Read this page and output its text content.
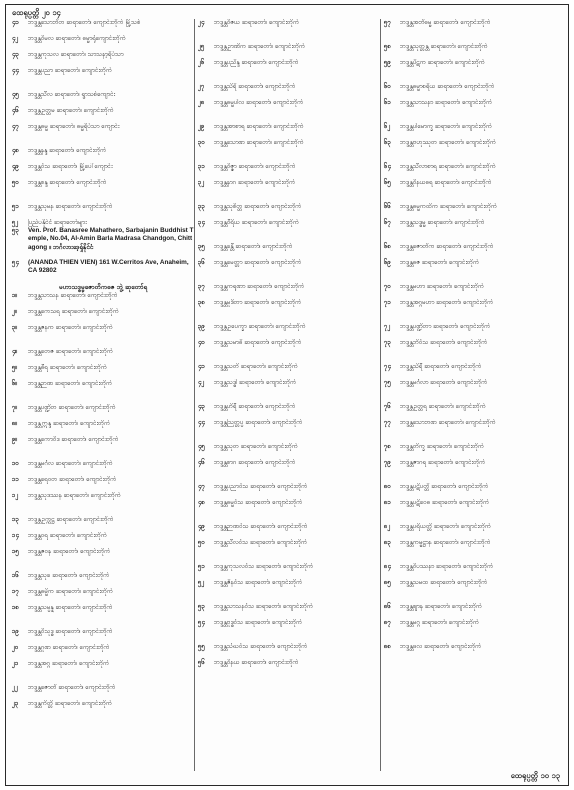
ထေရုပ္ပတ္တိ ၂၀ ၁၄
၄၁	ဘဒ္ဒန္တသောဘိတ ဆရာတော်၊ ကျောင်းတိုက် မြို့သစ်
၄၂	ဘဒ္ဒန္တဝိမလ ဆရာတော်၊ ဓမ္မာရုံကျောင်းတိုက်
၄၃	ဘဒ္ဒန္တကုသလ ဆရာတော်၊ သာသနာ့ရိပ်သာ
၄၄	ဘဒ္ဒန္တပညာ ဆရာတော်၊ ကျောင်းတိုက်
၄၅	ဘဒ္ဒန္တသီလ ဆရာတော်၊ ရွာသစ်ကျောင်း
၄၆	ဘဒ္ဒန္တဥတ္တမ ဆရာတော်၊ ကျောင်းတိုက်
၄၇	ဘဒ္ဒန္တဓမ္မ ဆရာတော်၊ ဓမ္မရိပ်သာ ကျောင်း
၄၈	ဘဒ္ဒန္တနန္ဒ ဆရာတော်၊ ကျောင်းတိုက်
၄၉	ဘဒ္ဒန္တဝံသ ဆရာတော်၊ မြို့ပေါ်ကျောင်း
၅၀	ဘဒ္ဒန္တစန္ဒ ဆရာတော်၊ ကျောင်းတိုက်
၅၁	ဘဒ္ဒန္တသုမန ဆရာတော်၊ ကျောင်းတိုက်
၅၂	ပြည်ပနိုင်ငံ ဆရာတော်များ
၅၃	Ven. Prof. Banasree Mahathero, Sarbajanin Buddhist Temple, No.04, Al-Amin Barla Madrasa Chandgon, Chittagong ။ ဘင်္ဂလားဒေ့ရှ်နိုင်ငံ
၅၄	(ANANDA THIEN VIEN) 161 W.Cerritos Ave, Anaheim, CA 92802
မဟာသဒ္ဓမ္မဇောတိကဓဇ ဘွဲ့ ဆုတော်ရ
၁။	ဘဒ္ဒန္တသာသန ဆရာတော်၊ ကျောင်းတိုက်
၂။	ဘဒ္ဒန္တကေသရ ဆရာတော်၊ ကျောင်းတိုက်
၃။	ဘဒ္ဒန္တဇနက ဆရာတော်၊ ကျောင်းတိုက်
၄။	ဘဒ္ဒန္တတေဇ ဆရာတော်၊ ကျောင်းတိုက်
၅။	ဘဒ္ဒန္တဓီရ ဆရာတော်၊ ကျောင်းတိုက်
၆။	ဘဒ္ဒန္တဉာဏ ဆရာတော်၊ ကျောင်းတိုက်
၇။	ဘဒ္ဒန္တပဏ္ဍိတ ဆရာတော်၊ ကျောင်းတိုက်
၈။	ဘဒ္ဒန္တဣန္ဒ ဆရာတော်၊ ကျောင်းတိုက်
၉။	ဘဒ္ဒန္တကောဝိဒ ဆရာတော်၊ ကျောင်းတိုက်
၁၀	ဘဒ္ဒန္တမင်္ဂလ ဆရာတော်၊ ကျောင်းတိုက်
၁၁	ဘဒ္ဒန္တရေဝတ ဆရာတော်၊ ကျောင်းတိုက်
၁၂	ဘဒ္ဒန္တသုဒဿန ဆရာတော်၊ ကျောင်းတိုက်
၁၃	ဘဒ္ဒန္တဥက္ကဋ္ဌ ဆရာတော်၊ ကျောင်းတိုက်
၁၄	ဘဒ္ဒန္တဝရ ဆရာတော်၊ ကျောင်းတိုက်
၁၅	ဘဒ္ဒန္တဇဝန ဆရာတော်၊ ကျောင်းတိုက်
၁၆	ဘဒ္ဒန္တသုခ ဆရာတော်၊ ကျောင်းတိုက်
၁၇	ဘဒ္ဒန္တဓမ္မိက ဆရာတော်၊ ကျောင်းတိုက်
၁၈	ဘဒ္ဒန္တသမ္ပန္န ဆရာတော်၊ ကျောင်းတိုက်
၁၉	ဘဒ္ဒန္တဝိသုဒ္ဓ ဆရာတော်၊ ကျောင်းတိုက်
၂၀	ဘဒ္ဒန္တဂုဏ ဆရာတော်၊ ကျောင်းတိုက်
၂၁	ဘဒ္ဒန္တအဂ္ဂ ဆရာတော်၊ ကျောင်းတိုက်
၂၂	ဘဒ္ဒန္တဇောတိ ဆရာတော်၊ ကျောင်းတိုက်
၂၃	ဘဒ္ဒန္တကိတ္တိ ဆရာတော်၊ ကျောင်းတိုက်
၂၄	ဘဒ္ဒန္တဝိဇယ ဆရာတော်၊ ကျောင်းတိုက်
၂၅	ဘဒ္ဒန္တဥာဏိက ဆရာတော်၊ ကျောင်းတိုက်
၂၆	ဘဒ္ဒန္တပညိန္ဒ ဆရာတော်၊ ကျောင်းတိုက်
၂၇	ဘဒ္ဒန္တသိရိ ဆရာတော်၊ ကျောင်းတိုက်
၂၈	ဘဒ္ဒန္တဓမ္မပါလ ဆရာတော်၊ ကျောင်းတိုက်
၂၉	ဘဒ္ဒန္တအာစာရ ဆရာတော်၊ ကျောင်းတိုက်
၃၀	ဘဒ္ဒန္တသောဏ ဆရာတော်၊ ကျောင်းတိုက်
၃၁	ဘဒ္ဒန္တဝိဇ္ဇာ ဆရာတော်၊ ကျောင်းတိုက်
၃၂	ဘဒ္ဒန္တနာဂ ဆရာတော်၊ ကျောင်းတိုက်
၃၃	ဘဒ္ဒန္တသုစိတ္တ ဆရာတော်၊ ကျောင်းတိုက်
၃၄	ဘဒ္ဒန္တဝီရိယ ဆရာတော်၊ ကျောင်းတိုက်
၃၅	ဘဒ္ဒန္တခန္တီ ဆရာတော်၊ ကျောင်းတိုက်
၃၆	ဘဒ္ဒန္တမေတ္တာ ဆရာတော်၊ ကျောင်းတိုက်
၃၇	ဘဒ္ဒန္တကရုဏာ ဆရာတော်၊ ကျောင်းတိုက်
၃၈	ဘဒ္ဒန္တမုဒိတာ ဆရာတော်၊ ကျောင်းတိုက်
၃၉	ဘဒ္ဒန္တဥပေက္ခာ ဆရာတော်၊ ကျောင်းတိုက်
၄၀	ဘဒ္ဒန္တသမာဓိ ဆရာတော်၊ ကျောင်းတိုက်
၄၁	ဘဒ္ဒန္တသတိ ဆရာတော်၊ ကျောင်းတိုက်
၄၂	ဘဒ္ဒန္တသဒ္ဓါ ဆရာတော်၊ ကျောင်းတိုက်
၄၃	ဘဒ္ဒန္တဟိရီ ဆရာတော်၊ ကျောင်းတိုက်
၄၄	ဘဒ္ဒန္တဩတ္တပ္ပ ဆရာတော်၊ ကျောင်းတိုက်
၄၅	ဘဒ္ဒန္တသုတ ဆရာတော်၊ ကျောင်းတိုက်
၄၆	ဘဒ္ဒန္တစာဂ ဆရာတော်၊ ကျောင်းတိုက်
၄၇	ဘဒ္ဒန္တပညာဝံသ ဆရာတော်၊ ကျောင်းတိုက်
၄၈	ဘဒ္ဒန္တဓမ္မဝံသ ဆရာတော်၊ ကျောင်းတိုက်
၄၉	ဘဒ္ဒန္တဉာဏဝံသ ဆရာတော်၊ ကျောင်းတိုက်
၅၀	ဘဒ္ဒန္တသီလဝံသ ဆရာတော်၊ ကျောင်းတိုက်
၅၁	ဘဒ္ဒန္တကုသလဝံသ ဆရာတော်၊ ကျောင်းတိုက်
၅၂	ဘဒ္ဒန္တဇိနဝံသ ဆရာတော်၊ ကျောင်းတိုက်
၅၃	ဘဒ္ဒန္တသာသနဝံသ ဆရာတော်၊ ကျောင်းတိုက်
၅၄	ဘဒ္ဒန္တဗုဒ္ဓဝံသ ဆရာတော်၊ ကျောင်းတိုက်
၅၅	ဘဒ္ဒန္တသံဃဝံသ ဆရာတော်၊ ကျောင်းတိုက်
၅၆	ဘဒ္ဒန္တဝိနယ ဆရာတော်၊ ကျောင်းတိုက်
၅၇	ဘဒ္ဒန္တအဘိဓမ္မ ဆရာတော်၊ ကျောင်းတိုက်
၅၈	ဘဒ္ဒန္တသုတ္တန္တ ဆရာတော်၊ ကျောင်းတိုက်
၅၉	ဘဒ္ဒန္တပိဋက ဆရာတော်၊ ကျောင်းတိုက်
၆၀	ဘဒ္ဒန္တဓမ္မာစရိယ ဆရာတော်၊ ကျောင်းတိုက်
၆၁	ဘဒ္ဒန္တသာသနာ ဆရာတော်၊ ကျောင်းတိုက်
၆၂	ဘဒ္ဒန္တပါမောက္ခ ဆရာတော်၊ ကျောင်းတိုက်
၆၃	ဘဒ္ဒန္တဗဟုဿုတ ဆရာတော်၊ ကျောင်းတိုက်
၆၄	ဘဒ္ဒန္တသီလာစာရ ဆရာတော်၊ ကျောင်းတိုက်
၆၅	ဘဒ္ဒန္တဝိနယဓရ ဆရာတော်၊ ကျောင်းတိုက်
၆၆	ဘဒ္ဒန္တဓမ္မကထိက ဆရာတော်၊ ကျောင်းတိုက်
၆၇	ဘဒ္ဒန္တသဒ္ဓမ္မ ဆရာတော်၊ ကျောင်းတိုက်
၆၈	ဘဒ္ဒန္တဇောတိက ဆရာတော်၊ ကျောင်းတိုက်
၆၉	ဘဒ္ဒန္တဓဇ ဆရာတော်၊ ကျောင်းတိုက်
၇၀	ဘဒ္ဒန္တမဟာ ဆရာတော်၊ ကျောင်းတိုက်
၇၁	ဘဒ္ဒန္တအဂ္ဂမဟာ ဆရာတော်၊ ကျောင်းတိုက်
၇၂	ဘဒ္ဒန္တပဏ္ဍိတာ ဆရာတော်၊ ကျောင်းတိုက်
၇၃	ဘဒ္ဒန္တဘိဝံသ ဆရာတော်၊ ကျောင်းတိုက်
၇၄	ဘဒ္ဒန္တသိရီ ဆရာတော်၊ ကျောင်းတိုက်
၇၅	ဘဒ္ဒန္တမင်္ဂလာ ဆရာတော်၊ ကျောင်းတိုက်
၇၆	ဘဒ္ဒန္တဥတ္တရ ဆရာတော်၊ ကျောင်းတိုက်
၇၇	ဘဒ္ဒန္တသောဘဏ ဆရာတော်၊ ကျောင်းတိုက်
၇၈	ဘဒ္ဒန္တတိက္ခ ဆရာတော်၊ ကျောင်းတိုက်
၇၉	ဘဒ္ဒန္တဇာဂရ ဆရာတော်၊ ကျောင်းတိုက်
၈၀	ဘဒ္ဒန္တပဋိပတ္တိ ဆရာတော်၊ ကျောင်းတိုက်
၈၁	ဘဒ္ဒန္တပဋိဝေဓ ဆရာတော်၊ ကျောင်းတိုက်
၈၂	ဘဒ္ဒန္တပရိယတ္တိ ဆရာတော်၊ ကျောင်းတိုက်
၈၃	ဘဒ္ဒန္တကမ္မဋ္ဌာန ဆရာတော်၊ ကျောင်းတိုက်
၈၄	ဘဒ္ဒန္တဝိပဿနာ ဆရာတော်၊ ကျောင်းတိုက်
၈၅	ဘဒ္ဒန္တသမထ ဆရာတော်၊ ကျောင်းတိုက်
၈၆	ဘဒ္ဒန္တဈာန ဆရာတော်၊ ကျောင်းတိုက်
၈၇	ဘဒ္ဒန္တမဂ္ဂ ဆရာတော်၊ ကျောင်းတိုက်
၈၈	ဘဒ္ဒန္တဖလ ဆရာတော်၊ ကျောင်းတိုက်
ထေရုပ္ပတ္တိ ၁၀ ၁၃
